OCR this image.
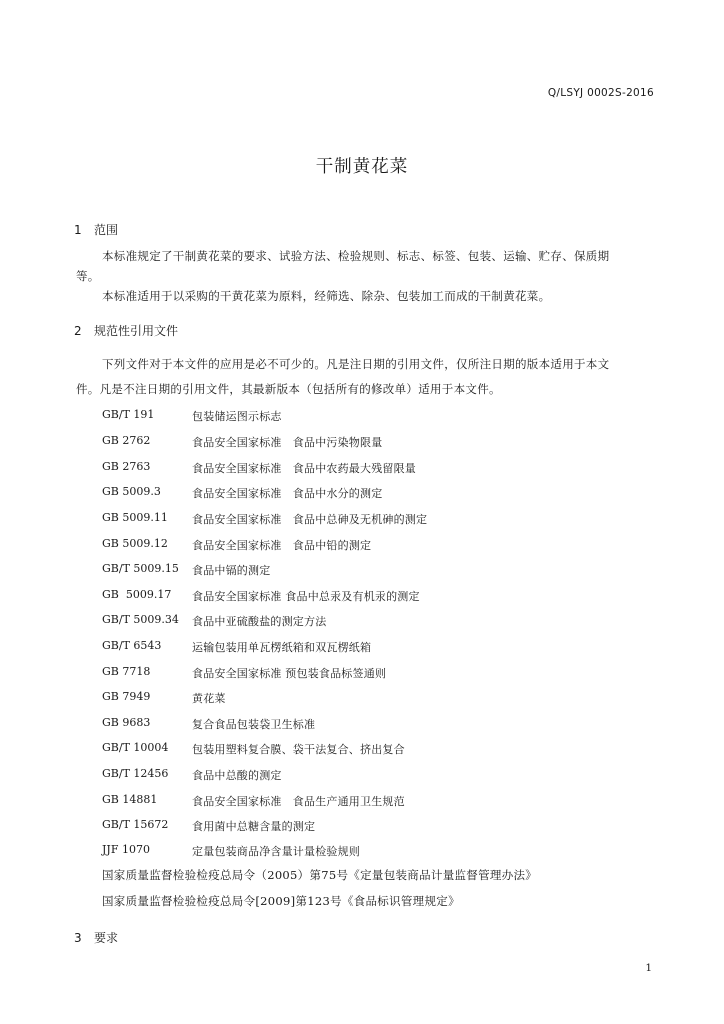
Q/LSYJ 0002S-2016
干制黄花菜
1 范围
本标准规定了干制黄花菜的要求、试验方法、检验规则、标志、标签、包装、运输、贮存、保质期
等。
本标准适用于以采购的干黄花菜为原料，经筛选、除杂、包装加工而成的干制黄花菜。
2 规范性引用文件
下列文件对于本文件的应用是必不可少的。凡是注日期的引用文件，仅所注日期的版本适用于本文
件。凡是不注日期的引用文件，其最新版本（包括所有的修改单）适用于本文件。
GB/T 191	包装储运图示标志
GB 2762	食品安全国家标准　食品中污染物限量
GB 2763	食品安全国家标准　食品中农药最大残留限量
GB 5009.3	食品安全国家标准　食品中水分的测定
GB 5009.11 食品安全国家标准　食品中总砷及无机砷的测定
GB 5009.12 食品安全国家标准　食品中铅的测定
GB/T 5009.15 食品中镉的测定
GB  5009.17 食品安全国家标准 食品中总汞及有机汞的测定
GB/T 5009.34 食品中亚硫酸盐的测定方法
GB/T 6543	运输包装用单瓦楞纸箱和双瓦楞纸箱
GB 7718	食品安全国家标准 预包装食品标签通则
GB 7949	黄花菜
GB 9683	复合食品包装袋卫生标准
GB/T 10004 包装用塑料复合膜、袋干法复合、挤出复合
GB/T 12456 食品中总酸的测定
GB 14881	食品安全国家标准　食品生产通用卫生规范
GB/T 15672 食用菌中总糖含量的测定
JJF 1070	定量包装商品净含量计量检验规则
国家质量监督检验检疫总局令（2005）第75号《定量包装商品计量监督管理办法》
国家质量监督检验检疫总局令[2009]第123号《食品标识管理规定》
3 要求
1
